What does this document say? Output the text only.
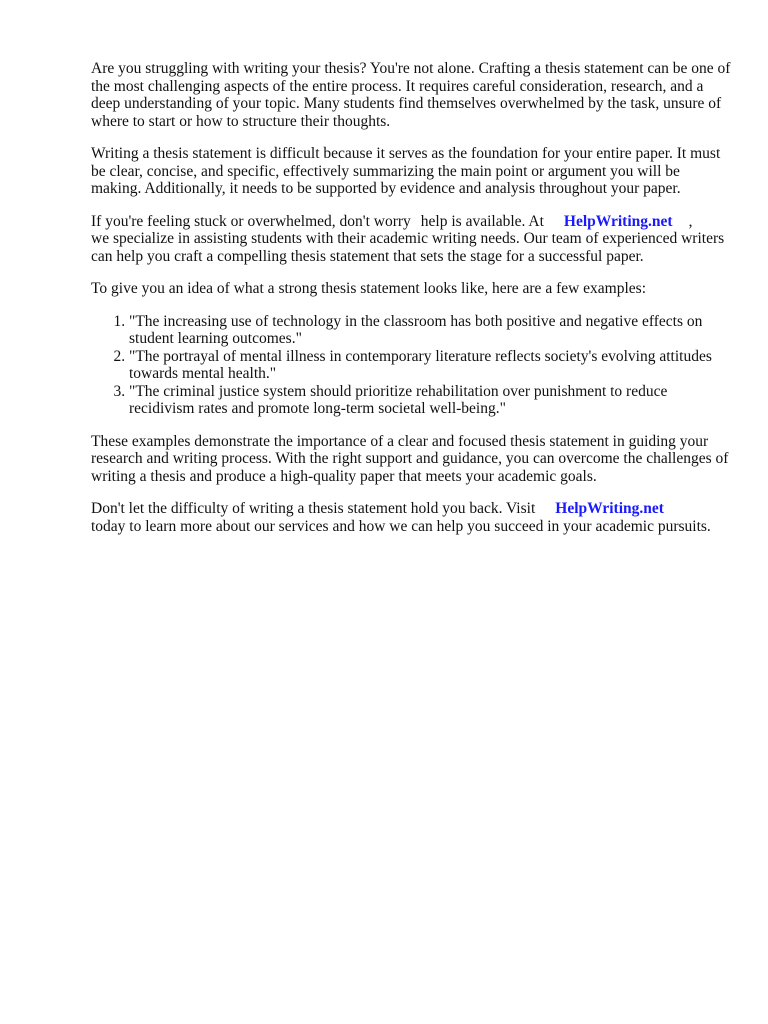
Are you struggling with writing your thesis? You're not alone. Crafting a thesis statement can be one of the most challenging aspects of the entire process. It requires careful consideration, research, and a deep understanding of your topic. Many students find themselves overwhelmed by the task, unsure of where to start or how to structure their thoughts.

Writing a thesis statement is difficult because it serves as the foundation for your entire paper. It must be clear, concise, and specific, effectively summarizing the main point or argument you will be making. Additionally, it needs to be supported by evidence and analysis throughout your paper.

If you're feeling stuck or overwhelmed, don't worry help is available. At HelpWriting.net ,
we specialize in assisting students with their academic writing needs. Our team of experienced writers can help you craft a compelling thesis statement that sets the stage for a successful paper.

To give you an idea of what a strong thesis statement looks like, here are a few examples:

1. "The increasing use of technology in the classroom has both positive and negative effects on student learning outcomes."
2. "The portrayal of mental illness in contemporary literature reflects society's evolving attitudes towards mental health."
3. "The criminal justice system should prioritize rehabilitation over punishment to reduce recidivism rates and promote long-term societal well-being."

These examples demonstrate the importance of a clear and focused thesis statement in guiding your research and writing process. With the right support and guidance, you can overcome the challenges of writing a thesis and produce a high-quality paper that meets your academic goals.

Don't let the difficulty of writing a thesis statement hold you back. Visit HelpWriting.net
today to learn more about our services and how we can help you succeed in your academic pursuits.
